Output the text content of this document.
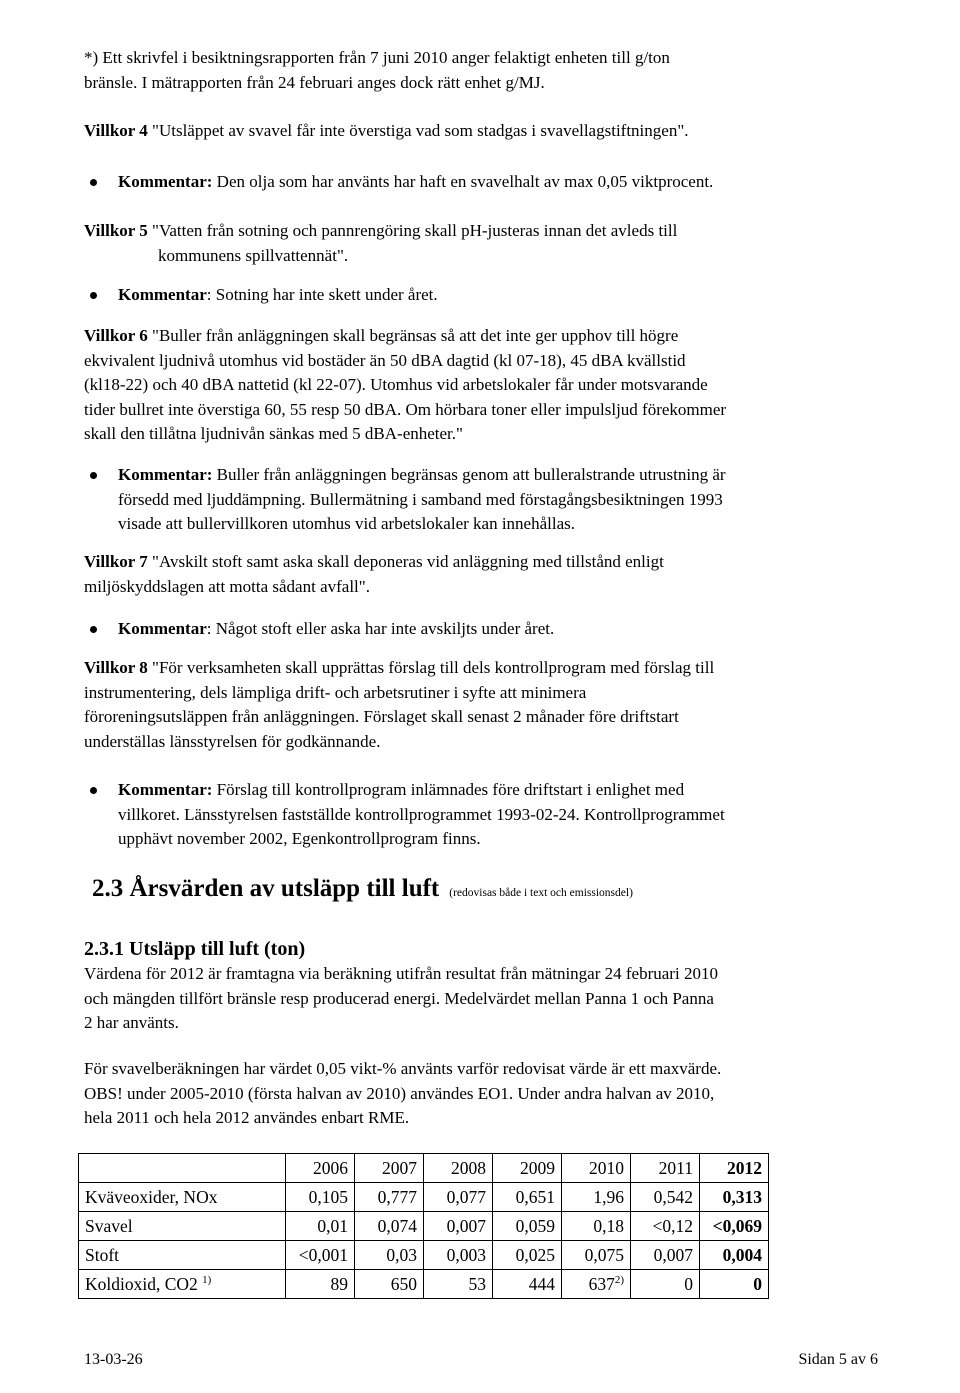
*) Ett skrivfel i besiktningsrapporten från 7 juni 2010 anger felaktigt enheten till g/ton
bränsle. I mätrapporten från 24 februari anges dock rätt enhet g/MJ.

Villkor 4 "Utsläppet av svavel får inte överstiga vad som stadgas i svavellagstiftningen".

Kommentar: Den olja som har använts har haft en svavelhalt av max 0,05 viktprocent.

Villkor 5 "Vatten från sotning och pannrengöring skall pH-justeras innan det avleds till

kommunens spillvattennät".

Kommentar: Sotning har inte skett under året.

Villkor 6 "Buller från anläggningen skall begränsas så att det inte ger upphov till högre
ekvivalent ljudnivå utomhus vid bostäder än 50 dBA dagtid (kl 07-18), 45 dBA kvällstid
(kl18-22) och 40 dBA nattetid (kl 22-07). Utomhus vid arbetslokaler får under motsvarande
tider bullret inte överstiga 60, 55 resp 50 dBA. Om hörbara toner eller impulsljud förekommer
skall den tillåtna ljudnivån sänkas med 5 dBA-enheter."

Kommentar: Buller från anläggningen begränsas genom att bulleralstrande utrustning är
försedd med ljuddämpning. Bullermätning i samband med förstagångsbesiktningen 1993
visade att bullervillkoren utomhus vid arbetslokaler kan innehållas.

Villkor 7 "Avskilt stoft samt aska skall deponeras vid anläggning med tillstånd enligt
miljöskyddslagen att motta sådant avfall".

Kommentar: Något stoft eller aska har inte avskiljts under året.

Villkor 8 "För verksamheten skall upprättas förslag till dels kontrollprogram med förslag till
instrumentering, dels lämpliga drift- och arbetsrutiner i syfte att minimera
föroreningsutsläppen från anläggningen. Förslaget skall senast 2 månader före driftstart
underställas länsstyrelsen för godkännande.

Kommentar: Förslag till kontrollprogram inlämnades före driftstart i enlighet med
villkoret. Länsstyrelsen fastställde kontrollprogrammet 1993-02-24. Kontrollprogrammet
upphävt november 2002, Egenkontrollprogram finns.

2.3 Årsvärden av utsläpp till luft (redovisas både i text och emissionsdel)
2.3.1 Utsläpp till luft (ton)

Värdena för 2012 är framtagna via beräkning utifrån resultat från mätningar 24 februari 2010
och mängden tillfört bränsle resp producerad energi. Medelvärdet mellan Panna 1 och Panna
2 har använts.

För svavelberäkningen har värdet 0,05 vikt-% använts varför redovisat värde är ett maxvärde.
OBS! under 2005-2010 (första halvan av 2010) användes EO1. Under andra halvan av 2010,
hela 2011 och hela 2012 användes enbart RME.

	2006	2007	2008	2009	2010	2011	2012
Kväveoxider, NOx	0,105	0,777	0,077	0,651	1,96	0,542	0,313
Svavel	0,01	0,074	0,007	0,059	0,18	<0,12	<0,069
Stoft	<0,001	0,03	0,003	0,025	0,075	0,007	0,004
Koldioxid, CO2 $^{1)}$	89	650	53	444	637$^{2)}$	0	0
13-03-26	Sidan 5 av 6
